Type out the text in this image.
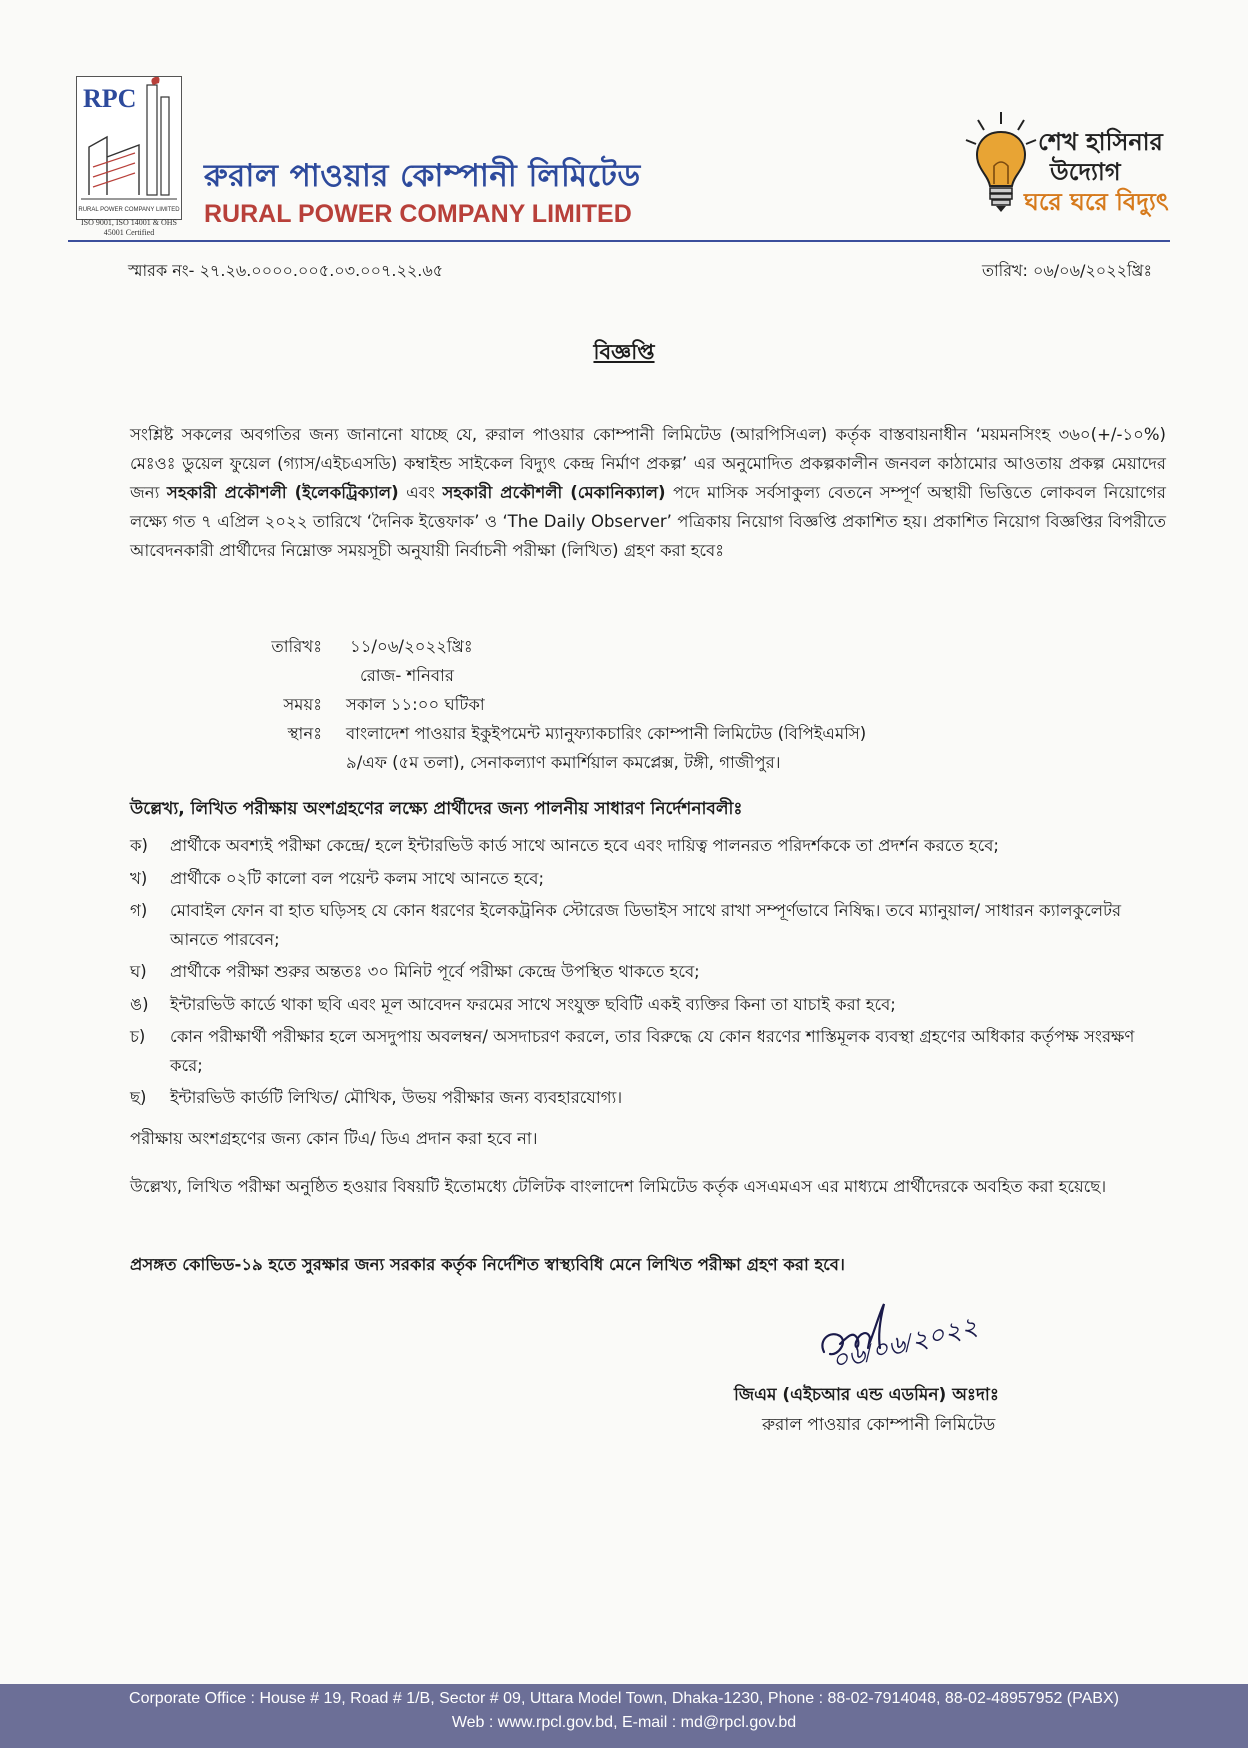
RPC
RURAL POWER COMPANY LIMITED
ISO 9001, ISO 14001 & OHS 45001 Certified
রুরাল পাওয়ার কোম্পানী লিমিটেড
RURAL POWER COMPANY LIMITED
শেখ হাসিনার
উদ্যোগ
ঘরে ঘরে বিদ্যুৎ
স্মারক নং- ২৭.২৬.০০০০.০০৫.০৩.০০৭.২২.৬৫	তারিখ: ০৬/০৬/২০২২খ্রিঃ
বিজ্ঞপ্তি
সংশ্লিষ্ট সকলের অবগতির জন্য জানানো যাচ্ছে যে, রুরাল পাওয়ার কোম্পানী লিমিটেড (আরপিসিএল) কর্তৃক বাস্তবায়নাধীন ‘ময়মনসিংহ ৩৬০(+/-১০%) মেঃওঃ ডুয়েল ফুয়েল (গ্যাস/এইচএসডি) কম্বাইন্ড সাইকেল বিদ্যুৎ কেন্দ্র নির্মাণ প্রকল্প’ এর অনুমোদিত প্রকল্পকালীন জনবল কাঠামোর আওতায় প্রকল্প মেয়াদের জন্য সহকারী প্রকৌশলী (ইলেকট্রিক্যাল) এবং সহকারী প্রকৌশলী (মেকানিক্যাল) পদে মাসিক সর্বসাকুল্য বেতনে সম্পূর্ণ অস্থায়ী ভিত্তিতে লোকবল নিয়োগের লক্ষ্যে গত ৭ এপ্রিল ২০২২ তারিখে ‘দৈনিক ইত্তেফাক’ ও ‘The Daily Observer’ পত্রিকায় নিয়োগ বিজ্ঞপ্তি প্রকাশিত হয়। প্রকাশিত নিয়োগ বিজ্ঞপ্তির বিপরীতে আবেদনকারী প্রার্থীদের নিম্নোক্ত সময়সূচী অনুযায়ী নির্বাচনী পরীক্ষা (লিখিত) গ্রহণ করা হবেঃ
তারিখঃ ১১/০৬/২০২২খ্রিঃ
রোজ- শনিবার
সময়ঃ সকাল ১১:০০ ঘটিকা
স্থানঃ বাংলাদেশ পাওয়ার ইকুইপমেন্ট ম্যানুফ্যাকচারিং কোম্পানী লিমিটেড (বিপিইএমসি)
৯/এফ (৫ম তলা), সেনাকল্যাণ কমার্শিয়াল কমপ্লেক্স, টঙ্গী, গাজীপুর।
উল্লেখ্য, লিখিত পরীক্ষায় অংশগ্রহণের লক্ষ্যে প্রার্থীদের জন্য পালনীয় সাধারণ নির্দেশনাবলীঃ
ক)	প্রার্থীকে অবশ্যই পরীক্ষা কেন্দ্রে/ হলে ইন্টারভিউ কার্ড সাথে আনতে হবে এবং দায়িত্ব পালনরত পরিদর্শককে তা প্রদর্শন করতে হবে;
খ)	প্রার্থীকে ০২টি কালো বল পয়েন্ট কলম সাথে আনতে হবে;
গ)	মোবাইল ফোন বা হাত ঘড়িসহ যে কোন ধরণের ইলেকট্রনিক স্টোরেজ ডিভাইস সাথে রাখা সম্পূর্ণভাবে নিষিদ্ধ। তবে ম্যানুয়াল/ সাধারন ক্যালকুলেটর আনতে পারবেন;
ঘ)	প্রার্থীকে পরীক্ষা শুরুর অন্ততঃ ৩০ মিনিট পূর্বে পরীক্ষা কেন্দ্রে উপস্থিত থাকতে হবে;
ঙ)	ইন্টারভিউ কার্ডে থাকা ছবি এবং মূল আবেদন ফরমের সাথে সংযুক্ত ছবিটি একই ব্যক্তির কিনা তা যাচাই করা হবে;
চ)	কোন পরীক্ষার্থী পরীক্ষার হলে অসদুপায় অবলম্বন/ অসদাচরণ করলে, তার বিরুদ্ধে যে কোন ধরণের শাস্তিমূলক ব্যবস্থা গ্রহণের অধিকার কর্তৃপক্ষ সংরক্ষণ করে;
ছ)	ইন্টারভিউ কার্ডটি লিখিত/ মৌখিক, উভয় পরীক্ষার জন্য ব্যবহারযোগ্য।
পরীক্ষায় অংশগ্রহণের জন্য কোন টিএ/ ডিএ প্রদান করা হবে না।
উল্লেখ্য, লিখিত পরীক্ষা অনুষ্ঠিত হওয়ার বিষয়টি ইতোমধ্যে টেলিটক বাংলাদেশ লিমিটেড কর্তৃক এসএমএস এর মাধ্যমে প্রার্থীদেরকে অবহিত করা হয়েছে।
প্রসঙ্গত কোভিড-১৯ হতে সুরক্ষার জন্য সরকার কর্তৃক নির্দেশিত স্বাস্থ্যবিধি মেনে লিখিত পরীক্ষা গ্রহণ করা হবে।
০৬/০৬/২০২২
জিএম (এইচআর এন্ড এডমিন) অঃদাঃ
রুরাল পাওয়ার কোম্পানী লিমিটেড
Corporate Office : House # 19, Road # 1/B, Sector # 09, Uttara Model Town, Dhaka-1230, Phone : 88-02-7914048, 88-02-48957952 (PABX)
Web : www.rpcl.gov.bd, E-mail : md@rpcl.gov.bd
